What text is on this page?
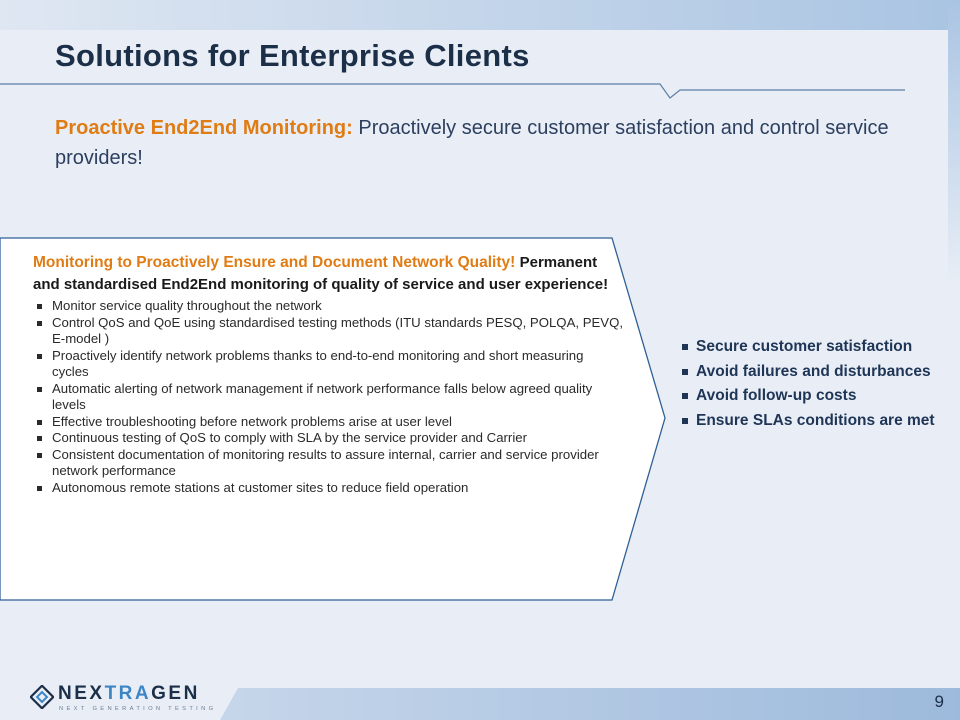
Solutions for Enterprise Clients
Proactive End2End Monitoring: Proactively secure customer satisfaction and control service providers!
Monitoring to Proactively Ensure and Document Network Quality! Permanent and standardised End2End monitoring of quality of service and user experience!
Monitor service quality throughout the network
Control QoS and QoE using standardised testing methods (ITU standards PESQ, POLQA, PEVQ, E-model )
Proactively identify network problems thanks to end-to-end monitoring and short measuring cycles
Automatic alerting of network management if network performance falls below agreed quality levels
Effective troubleshooting before network problems arise at user level
Continuous testing of QoS to comply with SLA by the service provider and Carrier
Consistent documentation of monitoring results to assure internal, carrier and service provider network performance
Autonomous remote stations at customer sites to reduce field operation
Secure customer satisfaction
Avoid failures and disturbances
Avoid follow-up costs
Ensure SLAs conditions are met
NEXTRAGEN
NEXT GENERATION TESTING	9
